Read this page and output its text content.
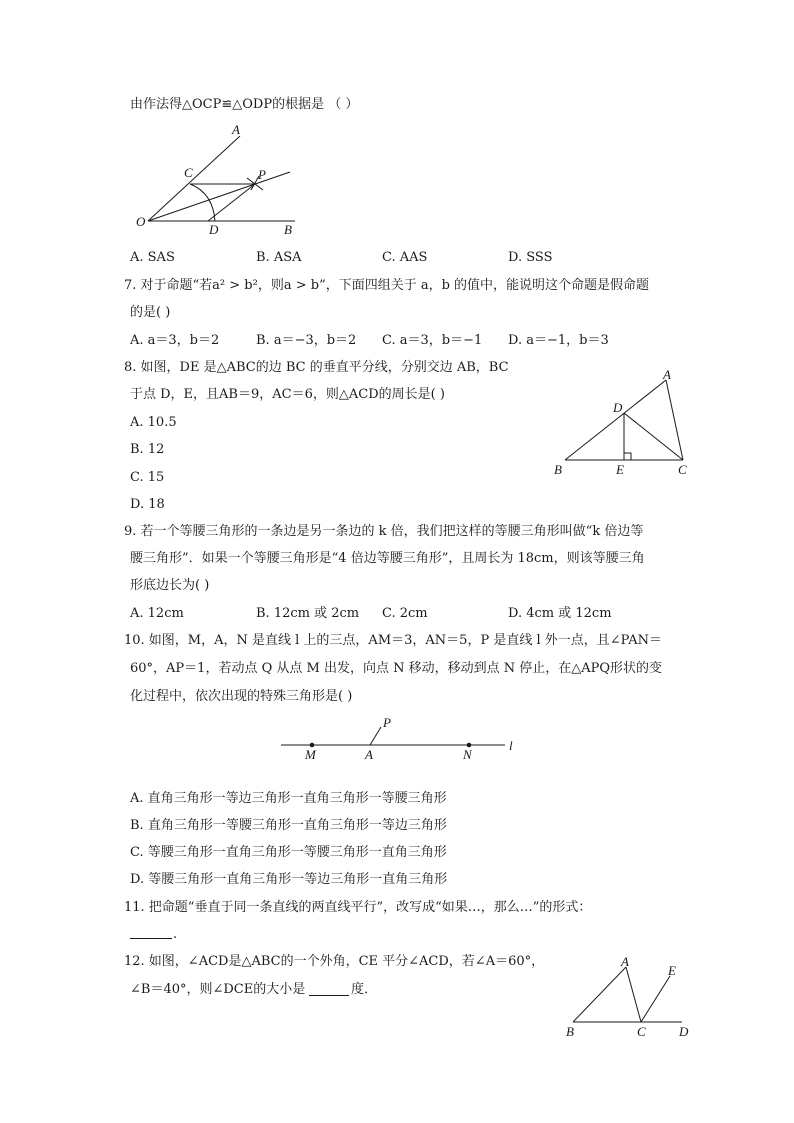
由作法得△OCP≌△ODP的根据是 （ ）
A
C	P
O
D	B
A. SAS	B. ASA	C. AAS	D. SSS
7. 对于命题“若a² > b²，则a > b”，下面四组关于 a，b 的值中，能说明这个命题是假命题
的是( )
A. a＝3，b＝2	B. a＝−3，b＝2 C. a＝3，b＝−1 D. a＝−1，b＝3
8. 如图，DE 是△ABC的边 BC 的垂直平分线，分别交边 AB，BC
于点 D，E，且AB＝9，AC＝6，则△ACD的周长是( )
A. 10.5
B. 12
C. 15
D. 18
A
D
B	E	C
9. 若一个等腰三角形的一条边是另一条边的 k 倍，我们把这样的等腰三角形叫做“k 倍边等
腰三角形”．如果一个等腰三角形是“4 倍边等腰三角形”，且周长为 18cm，则该等腰三角
形底边长为( )
A. 12cm	B. 12cm 或 2cm C. 2cm	D. 4cm 或 12cm
10. 如图，M，A，N 是直线 l 上的三点，AM＝3，AN＝5，P 是直线 l 外一点，且∠PAN＝
60°，AP＝1，若动点 Q 从点 M 出发，向点 N 移动，移动到点 N 停止，在△APQ形状的变
化过程中，依次出现的特殊三角形是( )
P
M	A	N
l
A. 直角三角形一等边三角形一直角三角形一等腰三角形
B. 直角三角形一等腰三角形一直角三角形一等边三角形
C. 等腰三角形一直角三角形一等腰三角形一直角三角形
D. 等腰三角形一直角三角形一等边三角形一直角三角形
11. 把命题“垂直于同一条直线的两直线平行”，改写成“如果…，那么…”的形式：
.
12. 如图，∠ACD是△ABC的一个外角，CE 平分∠ACD，若∠A＝60°，
∠B＝40°，则∠DCE的大小是	度．
A
E
B	C	D
